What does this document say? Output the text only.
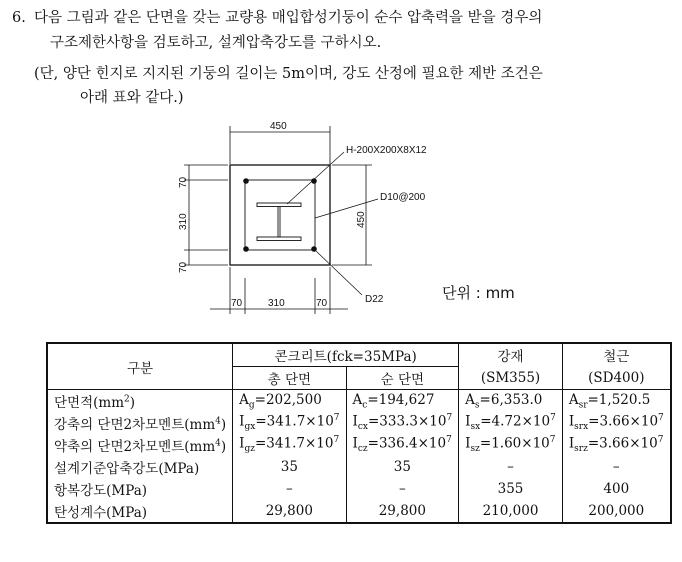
6. 다음 그림과 같은 단면을 갖는 교량용 매입합성기둥이 순수 압축력을 받을 경우의
구조제한사항을 검토하고, 설계압축강도를 구하시오.
(단, 양단 힌지로 지지된 기둥의 길이는 5m이며, 강도 산정에 필요한 제반 조건은
아래 표와 같다.)
450
H-200X200X8X12
D10@200
D22
450
70
310
70
70	310	70
단위 : mm
구분	콘크리트(fck=35MPa)		강재	철근
	총 단면	순 단면	(SM355)	(SD400)
단면적$(mm^2)$	$A_g=202,500$	$A_c=194,627$	$A_s=6,353.0$	$A_{sr}=1,520.5$
강축의 단면2차모멘트$(mm^4)$	$I_{gx}=341.7\times 10^7$	$I_{cx}=333.3\times 10^7$	$I_{sx}=4.72\times 10^7$	$I_{srx}=3.66\times 10^7$
약축의 단면2차모멘트$(mm^4)$	$I_{gz}=341.7\times 10^7$	$I_{cz}=336.4\times 10^7$	$I_{sz}=1.60\times 10^7$	$I_{srz}=3.66\times 10^7$
설계기준압축강도(MPa)	35	35	–	–
항복강도(MPa)	–	–	355	400
탄성계수(MPa)	29,800	29,800	210,000	200,000
